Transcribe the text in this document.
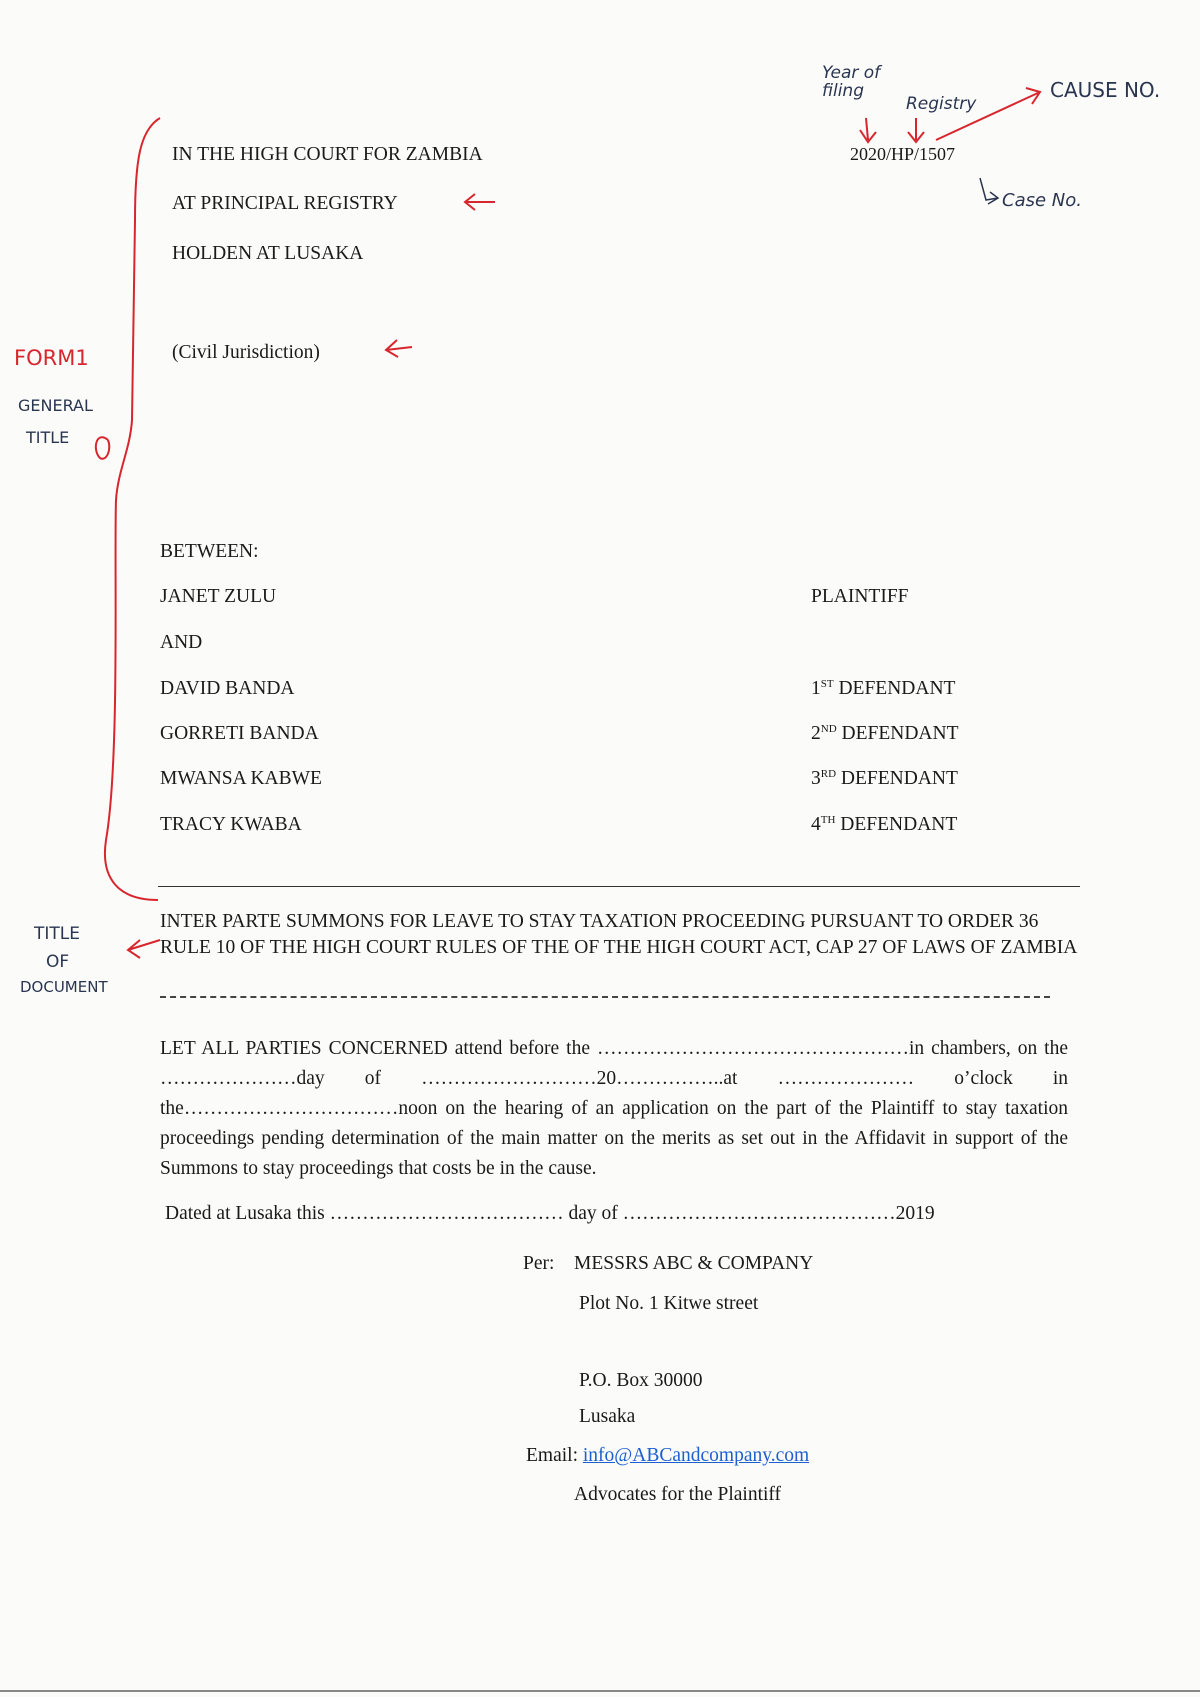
IN THE HIGH COURT FOR ZAMBIA
AT PRINCIPAL REGISTRY
HOLDEN AT LUSAKA
(Civil Jurisdiction)
2020/HP/1507
BETWEEN:
JANET ZULU	PLAINTIFF
AND
DAVID BANDA	1ST DEFENDANT
GORRETI BANDA	2ND DEFENDANT
MWANSA KABWE	3RD DEFENDANT
TRACY KWABA	4TH DEFENDANT
INTER PARTE SUMMONS FOR LEAVE TO STAY TAXATION PROCEEDING PURSUANT TO ORDER 36 RULE 10 OF THE HIGH COURT RULES OF THE OF THE HIGH COURT ACT, CAP 27 OF LAWS OF ZAMBIA
LET ALL PARTIES CONCERNED attend before the …………………………………………in chambers, on the …………………day of ………………………20……………..at ………………… o’clock in the……………………………noon on the hearing of an application on the part of the Plaintiff to stay taxation proceedings pending determination of the main matter on the merits as set out in the Affidavit in support of the Summons to stay proceedings that costs be in the cause.
Dated at Lusaka this ……………………………… day of ……………………………………2019
Per: MESSRS ABC & COMPANY
Plot No. 1 Kitwe street
P.O. Box 30000
Lusaka
Email: info@ABCandcompany.com
Advocates for the Plaintiff
Year of filing
Registry
CAUSE NO.
Case No.
FORM1
GENERAL
TITLE
TITLE
OF
DOCUMENT
